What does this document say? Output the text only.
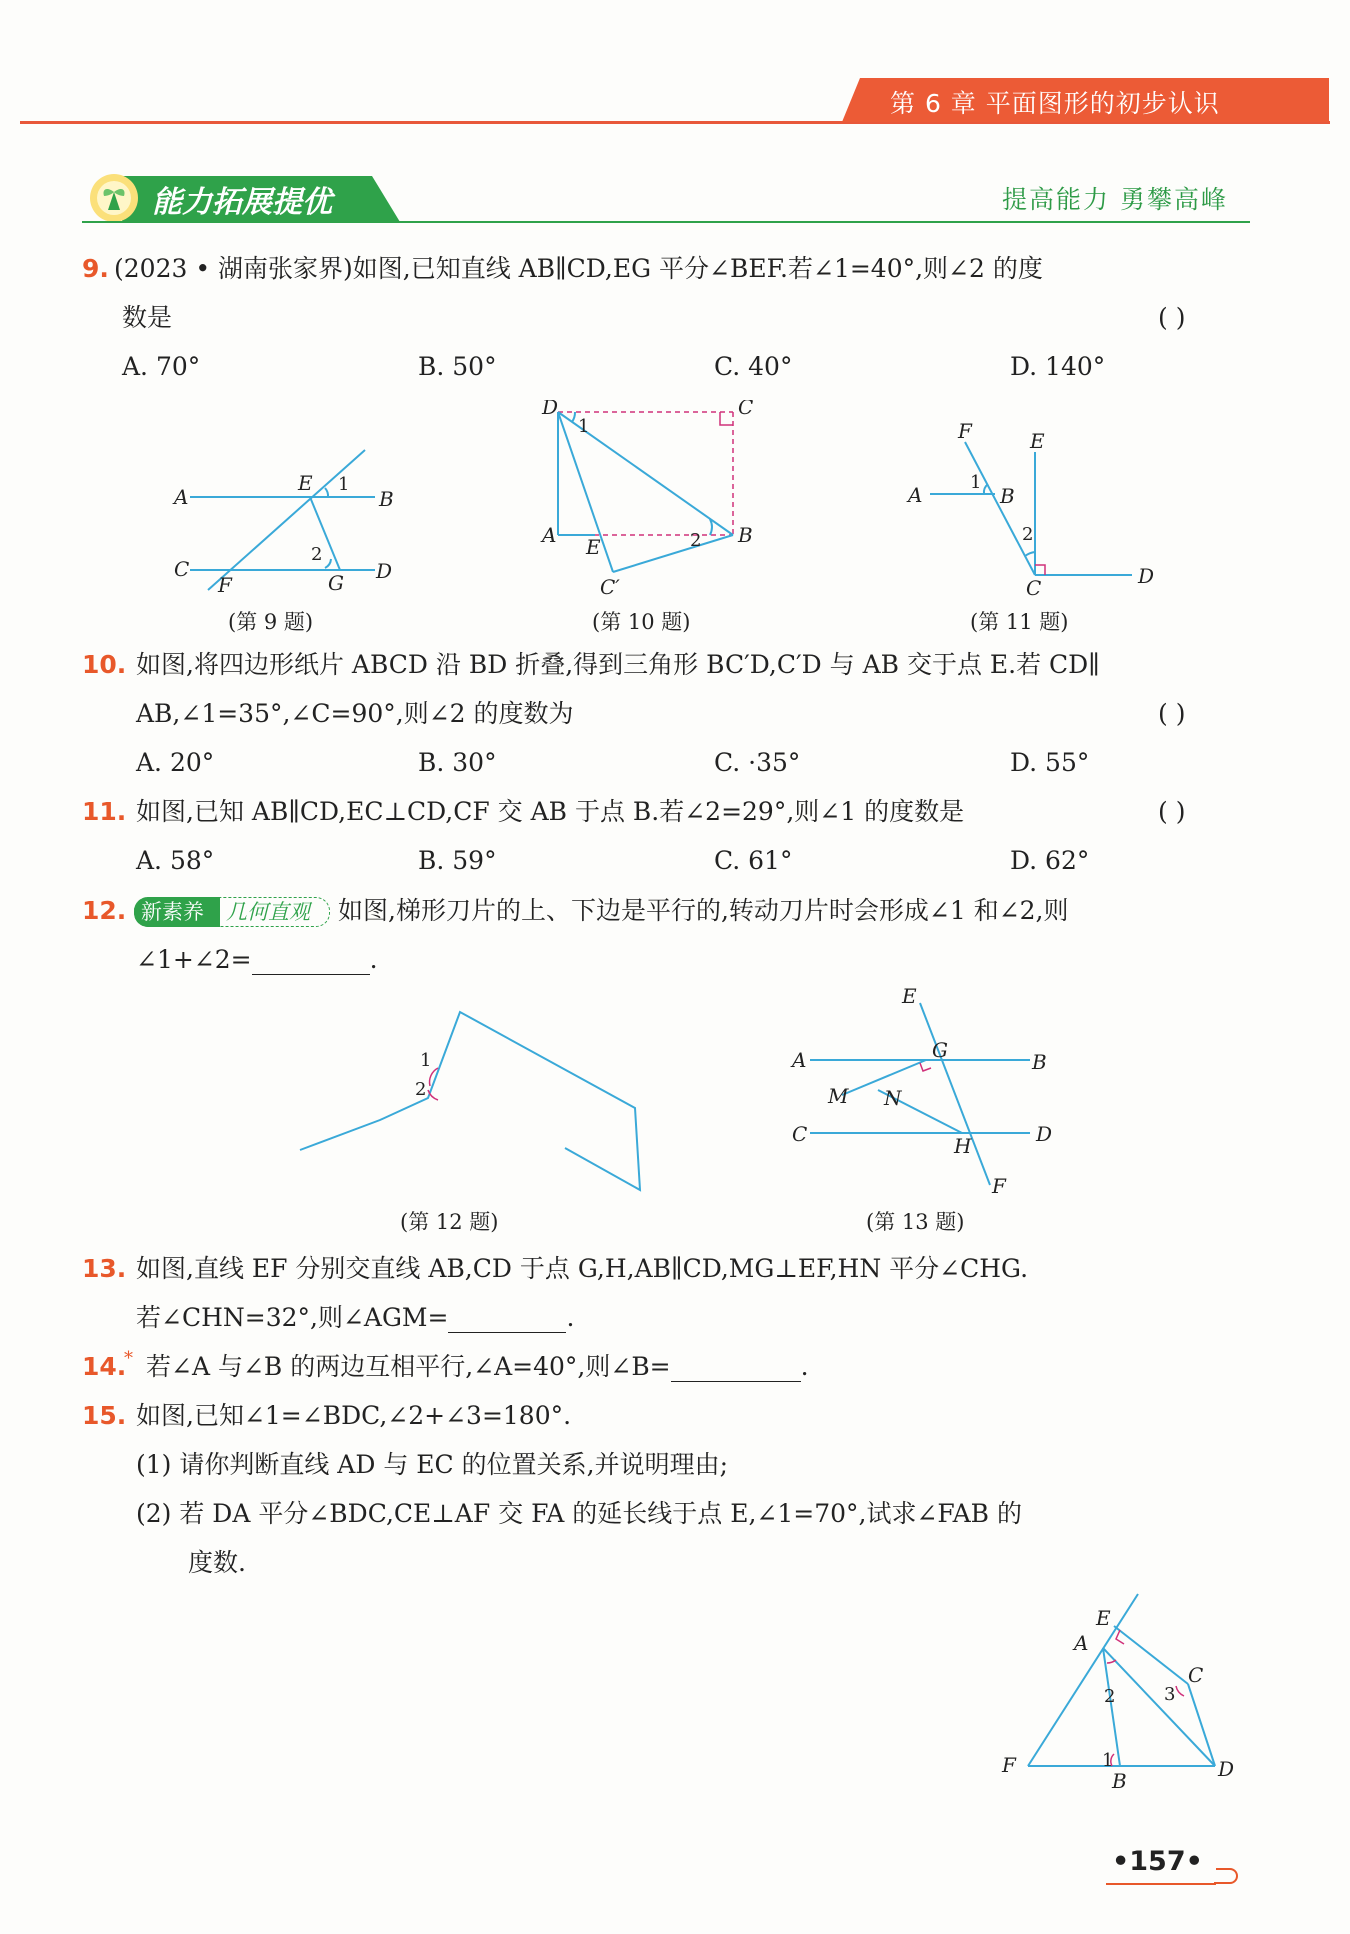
第 6 章 平面图形的初步认识
能力拓展提优	提高能力 勇攀高峰
9. (2023 • 湖南张家界)如图,已知直线 AB∥CD,EG 平分∠BEF.若∠1=40°,则∠2 的度
数是	( )
A. 70°	B. 50°	C. 40°	D. 140°
A	B
C	D
E
F	G
1
2
(第 9 题)
D	C
A	B
E
C′
1
2
(第 10 题)
A	B
C	D
E
F
1
2
(第 11 题)
10. 如图,将四边形纸片 ABCD 沿 BD 折叠,得到三角形 BC′D,C′D 与 AB 交于点 E.若 CD∥
AB,∠1=35°,∠C=90°,则∠2 的度数为	( )
A. 20°	B. 30°	C. ·35°	D. 55°
11. 如图,已知 AB∥CD,EC⊥CD,CF 交 AB 于点 B.若∠2=29°,则∠1 的度数是	( )
A. 58°	B. 59°	C. 61°	D. 62°
12. 新素养 几何直观 如图,梯形刀片的上、下边是平行的,转动刀片时会形成∠1 和∠2,则
∠1+∠2=	.
1
2
(第 12 题)
A	B
C	D
E
F
G
H
M N
(第 13 题)
13. 如图,直线 EF 分别交直线 AB,CD 于点 G,H,AB∥CD,MG⊥EF,HN 平分∠CHG.
若∠CHN=32°,则∠AGM=	.
14.
* 若∠A 与∠B 的两边互相平行,∠A=40°,则∠B=	.
15. 如图,已知∠1=∠BDC,∠2+∠3=180°.
(1) 请你判断直线 AD 与 EC 的位置关系,并说明理由;
(2) 若 DA 平分∠BDC,CE⊥AF 交 FA 的延长线于点 E,∠1=70°,试求∠FAB 的
度数.
E
A
C
F
B	D
1
2	3
•157•
